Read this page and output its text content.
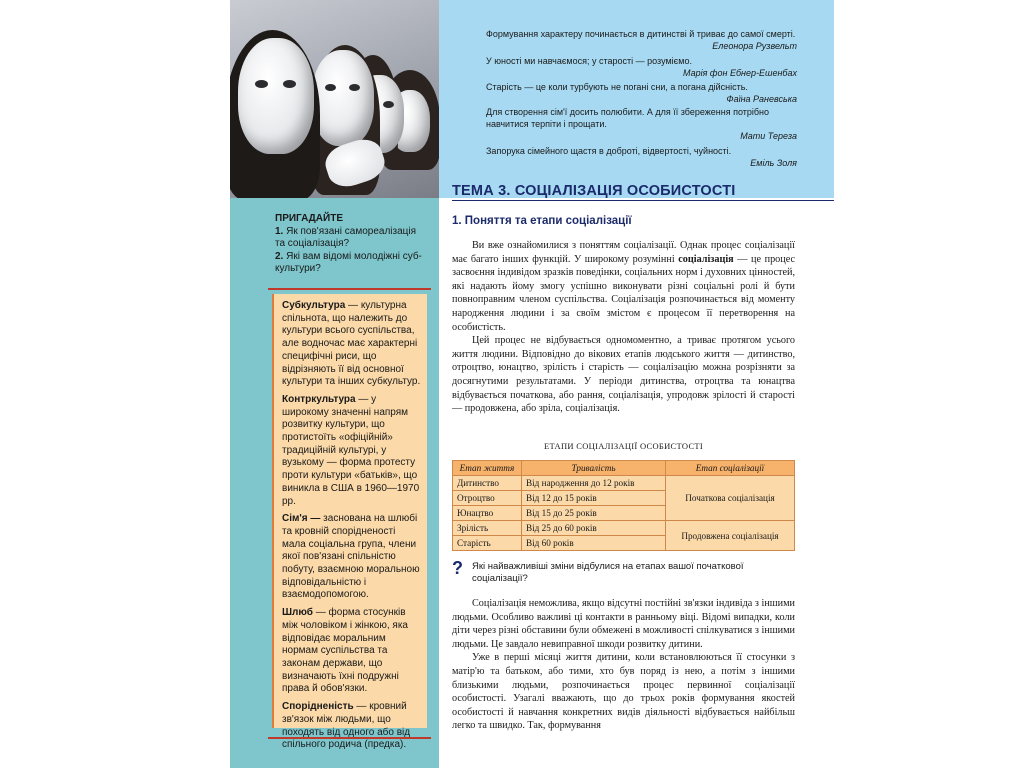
ПРИГАДАЙТЕ
1. Як пов'язані самореалізація та соціалізація?
2. Які вам відомі молодіжні суб-культури?

Субкультура — культурна спільнота, що належить до культури всього суспільства, але водночас має характерні специфічні риси, що відрізняють її від основної культури та інших субкультур.

Контркультура — у широкому значенні напрям розвитку культури, що протистоїть «офіційній» традиційній культурі, у вузькому — форма протесту проти культури «батьків», що виникла в США в 1960—1970 рр.

Сім'я — заснована на шлюбі та кровній спорідненості мала соціальна група, члени якої пов'язані спільністю побуту, взаємною моральною відповідальністю і взаємодопомогою.

Шлюб — форма стосунків між чоловіком і жінкою, яка відповідає моральним нормам суспільства та законам держави, що визначають їхні подружні права й обов'язки.

Спорідненість — кровний зв'язок між людьми, що походять від одного або від спільного родича (предка).

Формування характеру починається в дитинстві й триває до самої смерті.
Елеонора Рузвельт
У юності ми навчаємося; у старості — розуміємо.
Марія фон Ебнер-Ешенбах
Старість — це коли турбують не погані сни, а погана дійсність.
Фаїна Раневська
Для створення сім'ї досить полюбити. А для її збереження потрібно навчитися терпіти і прощати.
Мати Тереза
Запорука сімейного щастя в доброті, відвертості, чуйності.
Еміль Золя
ТЕМА 3. СОЦІАЛІЗАЦІЯ ОСОБИСТОСТІ
1. Поняття та етапи соціалізації

Ви вже ознайомилися з поняттям соціалізації. Однак процес соціалізації має багато інших функцій. У широкому розумінні соціалізація — це процес засвоєння індивідом зразків поведінки, соціальних норм і духовних цінностей, які надають йому змогу успішно виконувати різні соціальні ролі й бути повноправним членом суспільства. Соціалізація розпочинається від моменту народження людини і за своїм змістом є процесом її перетворення на особистість.

Цей процес не відбувається одномоментно, а триває протягом усього життя людини. Відповідно до вікових етапів людського життя — дитинство, отроцтво, юнацтво, зрілість і старість — соціалізацію можна розрізняти за досягнутими результатами. У періоди дитинства, отроцтва та юнацтва відбувається початкова, або рання, соціалізація, упродовж зрілості й старості — продовжена, або зріла, соціалізація.

ЕТАПИ СОЦІАЛІЗАЦІЇ ОСОБИСТОСТІ
Етап життя	Тривалість	Етап соціалізації
Дитинство	Від народження до 12 років	Початкова соціалізація
Отроцтво	Від 12 до 15 років	
Юнацтво	Від 15 до 25 років	
Зрілість	Від 25 до 60 років	Продовжена соціалізація
Старість	Від 60 років	
? Які найважливіші зміни відбулися на етапах вашої початкової соціалізації?

Соціалізація неможлива, якщо відсутні постійні зв'язки індивіда з іншими людьми. Особливо важливі ці контакти в ранньому віці. Відомі випадки, коли діти через різні обставини були обмежені в можливості спілкуватися з іншими людьми. Це завдало невиправної шкоди розвитку дитини.

Уже в перші місяці життя дитини, коли встановлюються її стосунки з матір'ю та батьком, або тими, хто був поряд із нею, а потім з іншими близькими людьми, розпочинається процес первинної соціалізації особистості. Узагалі вважають, що до трьох років формування якостей особистості й навчання конкретних видів діяльності відбувається найбільш легко та швидко. Так, формування
